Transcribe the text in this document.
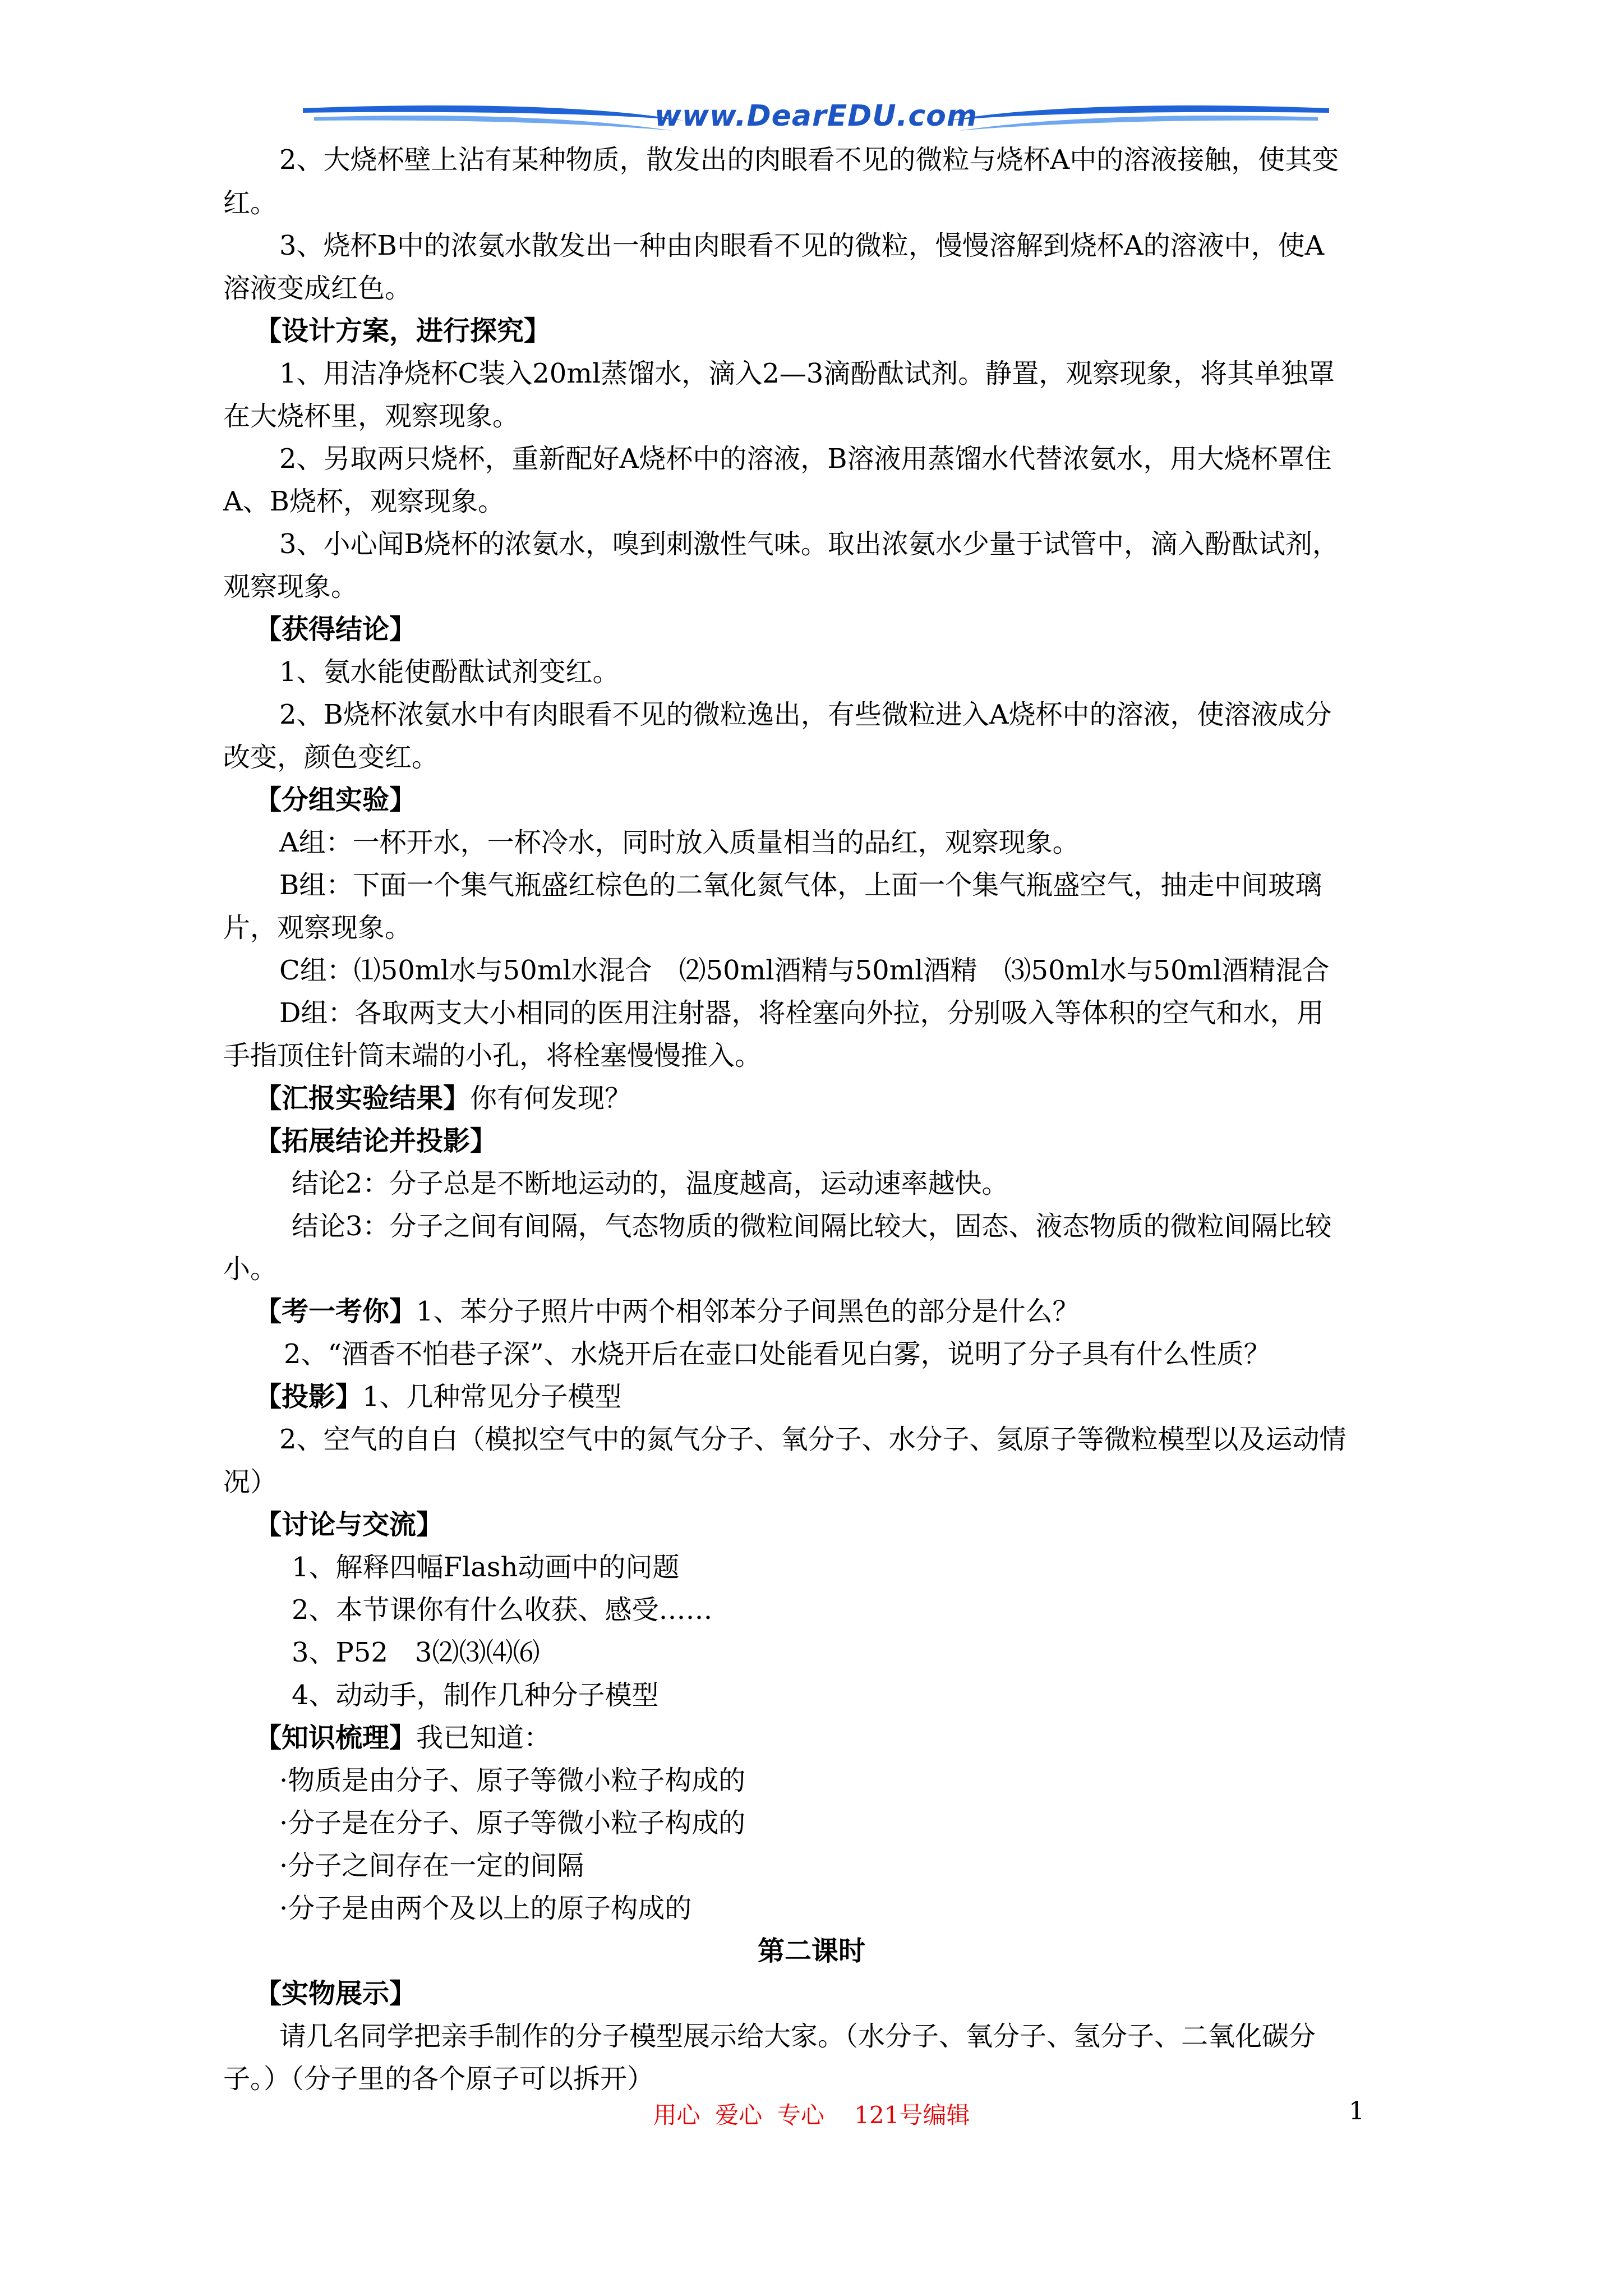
www.DearEDU.com
2、大烧杯壁上沾有某种物质，散发出的肉眼看不见的微粒与烧杯A中的溶液接触，使其变
红。
3、烧杯B中的浓氨水散发出一种由肉眼看不见的微粒，慢慢溶解到烧杯A的溶液中，使A
溶液变成红色。
【设计方案，进行探究】
1、用洁净烧杯C装入20ml蒸馏水，滴入2—3滴酚酞试剂。静置，观察现象，将其单独罩
在大烧杯里，观察现象。
2、另取两只烧杯，重新配好A烧杯中的溶液，B溶液用蒸馏水代替浓氨水，用大烧杯罩住
A、B烧杯，观察现象。
3、小心闻B烧杯的浓氨水，嗅到刺激性气味。取出浓氨水少量于试管中，滴入酚酞试剂，
观察现象。
【获得结论】
1、氨水能使酚酞试剂变红。
2、B烧杯浓氨水中有肉眼看不见的微粒逸出，有些微粒进入A烧杯中的溶液，使溶液成分
改变，颜色变红。
【分组实验】
A组：一杯开水，一杯冷水，同时放入质量相当的品红，观察现象。
B组：下面一个集气瓶盛红棕色的二氧化氮气体，上面一个集气瓶盛空气，抽走中间玻璃
片，观察现象。
C组：⑴50ml水与50ml水混合　⑵50ml酒精与50ml酒精　⑶50ml水与50ml酒精混合
D组：各取两支大小相同的医用注射器，将栓塞向外拉，分别吸入等体积的空气和水，用
手指顶住针筒末端的小孔，将栓塞慢慢推入。
【汇报实验结果】你有何发现？
【拓展结论并投影】
结论2：分子总是不断地运动的，温度越高，运动速率越快。
结论3：分子之间有间隔，气态物质的微粒间隔比较大，固态、液态物质的微粒间隔比较
小。
【考一考你】1、苯分子照片中两个相邻苯分子间黑色的部分是什么？
2、“酒香不怕巷子深”、水烧开后在壶口处能看见白雾，说明了分子具有什么性质？
【投影】1、几种常见分子模型
2、空气的自白（模拟空气中的氮气分子、氧分子、水分子、氦原子等微粒模型以及运动情
况）
【讨论与交流】
1、解释四幅Flash动画中的问题
2、本节课你有什么收获、感受……
3、P52　3⑵⑶⑷⑹
4、动动手，制作几种分子模型
【知识梳理】我已知道：
·物质是由分子、原子等微小粒子构成的
·分子是在分子、原子等微小粒子构成的
·分子之间存在一定的间隔
·分子是由两个及以上的原子构成的
第二课时
【实物展示】
请几名同学把亲手制作的分子模型展示给大家。（水分子、氧分子、氢分子、二氧化碳分
子。）（分子里的各个原子可以拆开）
用心  爱心  专心    121号编辑	1
